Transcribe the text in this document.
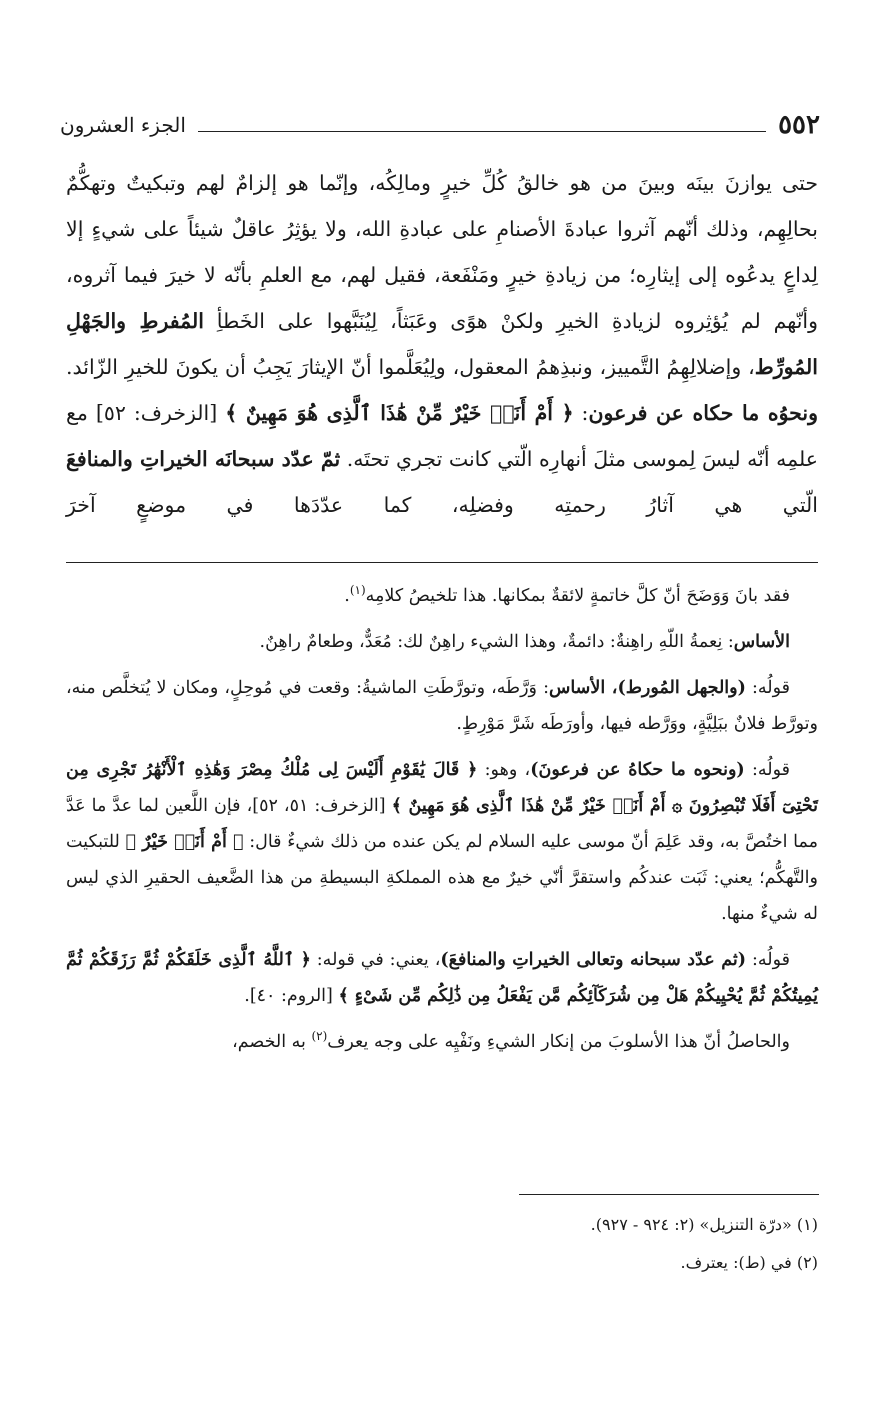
٥٥٢
الجزء العشرون

حتى يوازنَ بينَه وبينَ من هو خالقُ كُلِّ خيرٍ ومالِكُه، وإنّما هو إلزامٌ لهم وتبكيتٌ وتهكُّمٌ بحالِهِم، وذلك أنّهم آثروا عبادةَ الأصنامِ على عبادةِ الله، ولا يؤثِرُ عاقلٌ شيئاً على شيءٍ إلا لِداعٍ يدعُوه إلى إيثارِه؛ من زيادةِ خيرٍ ومَنْفَعة، فقيل لهم، مع العلمِ بأنّه لا خيرَ فيما آثروه، وأنّهم لم يُؤثِروه لزيادةِ الخيرِ ولكنْ هوًى وعَبَثاً، لِيُنَبَّهوا على الخَطأِ المُفرطِ والجَهْلِ المُورِّط، وإضلالِهِمُ التَّمييز، ونبذِهمُ المعقول، ولِيُعَلَّموا أنّ الإيثارَ يَجِبُ أن يكونَ للخيرِ الزّائد. ونحوُه ما حكاه عن فرعون: ﴿ أَمْ أَنَا۠ خَيْرٌ مِّنْ هَٰذَا ٱلَّذِى هُوَ مَهِينٌ ﴾ [الزخرف: ٥٢] مع علمِه أنّه ليسَ لِموسى مثلَ أنهارِه الّتي كانت تجري تحتَه. ثمّ عدّد سبحانَه الخيراتِ والمنافعَ الّتي هي آثارُ رحمتِه وفضلِه، كما عدّدَها في موضعٍ آخرَ

فقد بانَ وَوَضَحَ أنّ كلَّ خاتمةٍ لائقةٌ بمكانها. هذا تلخيصُ كلامِه$^{(١)}$.

الأساس: نِعمةُ اللّهِ راهِنةٌ: دائمةٌ، وهذا الشيء راهِنٌ لك: مُعَدٌّ، وطعامٌ راهِنٌ.

قولُه: (والجهل المُورط)، الأساس: وَرَّطَه، وتورَّطَتِ الماشيةُ: وقعت في مُوحِلٍ، ومكان لا يُتخلَّص منه، وتورَّط فلانٌ ببَلِيَّةٍ، ووَرَّطه فيها، وأورَطَه شَرَّ مَوْرِطٍ.

قولُه: (ونحوه ما حكاهُ عن فرعونَ)، وهو: ﴿ قَالَ يَٰقَوْمِ أَلَيْسَ لِى مُلْكُ مِصْرَ وَهَٰذِهِ ٱلْأَنْهَٰرُ تَجْرِى مِن تَحْتِىٓ أَفَلَا تُبْصِرُونَ ۞ أَمْ أَنَا۠ خَيْرٌ مِّنْ هَٰذَا ٱلَّذِى هُوَ مَهِينٌ ﴾ [الزخرف: ٥١، ٥٢]، فإن اللَّعين لما عدَّ ما عَدَّ مما اختُصَّ به، وقد عَلِمَ أنّ موسى عليه السلام لم يكن عنده من ذلك شيءٌ قال: ﴿ أَمْ أَنَا۠ خَيْرٌ ﴾ للتبكيت والتَّهكُّم؛ يعني: ثَبَت عندكُم واستقرَّ أنّي خيرٌ مع هذه المملكةِ البسيطةِ من هذا الضَّعيف الحقيرِ الذي ليس له شيءٌ منها.

قولُه: (ثم عدّد سبحانه وتعالى الخيراتِ والمنافعَ)، يعني: في قوله: ﴿ ٱللَّهُ ٱلَّذِى خَلَقَكُمْ ثُمَّ رَزَقَكُمْ ثُمَّ يُمِيتُكُمْ ثُمَّ يُحْيِيكُمْ هَلْ مِن شُرَكَآئِكُم مَّن يَفْعَلُ مِن ذَٰلِكُم مِّن شَىْءٍ ﴾ [الروم: ٤٠].

والحاصلُ أنّ هذا الأسلوبَ من إنكار الشيءِ ونَفْيِه على وجه يعرف$^{(٢)}$ به الخصم،

(١) «درّة التنزيل» (٢: ٩٢٤ - ٩٢٧).

(٢) في (ط): يعترف.
